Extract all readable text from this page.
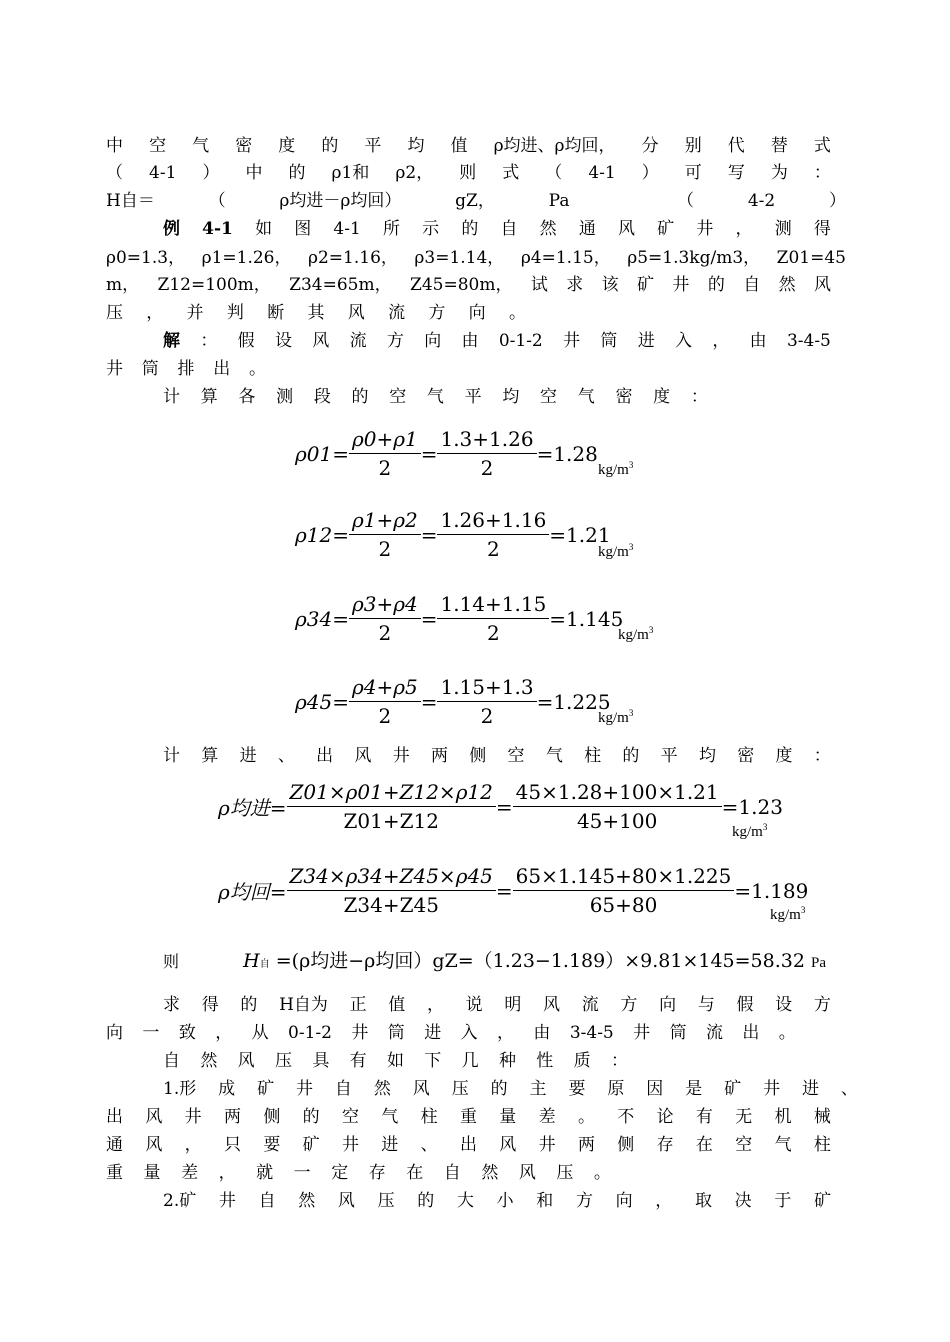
中 空 气 密 度 的 平 均 值 ρ均进、ρ均回， 分 别 代 替 式
（ 4-1 ） 中 的 ρ1和 ρ2， 则 式 （ 4-1 ） 可 写 为 ：
H自＝	（	ρ均进－ρ均回）	gZ，	Pa	（	4-2	）
例 4-1 如 图 4-1 所 示 的 自 然 通 风 矿 井 ， 测 得
ρ0=1.3， ρ1=1.26， ρ2=1.16， ρ3=1.14， ρ4=1.15， ρ5=1.3kg/m3， Z01=45
m， Z12=100m， Z34=65m， Z45=80m， 试 求 该 矿 井 的 自 然 风
压 ， 并 判 断 其 风 流 方 向 。
解 ： 假 设 风 流 方 向 由 0-1-2 井 筒 进 入 ， 由 3-4-5
井 筒 排 出 。
计 算 各 测 段 的 空 气 平 均 空 气 密 度 ：
$\rho 01= \frac{\rho 0+\rho 1}{2} = \frac{1.3+1.26}{2} =1.28$
$kg/m^3$
$\rho 12= \frac{\rho 1+\rho 2}{2} = \frac{1.26+1.16}{2} =1.21$
$kg/m^3$
$\rho 34= \frac{\rho 3+\rho 4}{2} = \frac{1.14+1.15}{2} =1.145$
$kg/m^3$
$\rho 45= \frac{\rho 4+\rho 5}{2} = \frac{1.15+1.3}{2} =1.225$
$kg/m^3$
计 算 进 、 出 风 井 两 侧 空 气 柱 的 平 均 密 度 ：
ρ均进= $\frac{Z01\times\rho 01+Z12\times\rho 12}{Z01+Z12} = \frac{45\times 1.28+100\times 1.21}{45+100} =1.23$
$kg/m^3$
ρ均回= $\frac{Z34\times\rho 34+Z45\times\rho 45}{Z34+Z45} = \frac{65\times 1.145+80\times 1.225}{65+80} =1.189$
$kg/m^3$
则	H自 =(ρ均进−ρ均回）gZ=（1.23−1.189）×9.81×145=58.32 Pa
求 得 的 H自为 正 值 ， 说 明 风 流 方 向 与 假 设 方
向 一 致 ， 从 0-1-2 井 筒 进 入 ， 由 3-4-5 井 筒 流 出 。
自 然 风 压 具 有 如 下 几 种 性 质 ：
1.形 成 矿 井 自 然 风 压 的 主 要 原 因 是 矿 井 进 、
出 风 井 两 侧 的 空 气 柱 重 量 差 。 不 论 有 无 机 械
通 风 ， 只 要 矿 井 进 、 出 风 井 两 侧 存 在 空 气 柱
重 量 差 ， 就 一 定 存 在 自 然 风 压 。
2.矿 井 自 然 风 压 的 大 小 和 方 向 ， 取 决 于 矿
